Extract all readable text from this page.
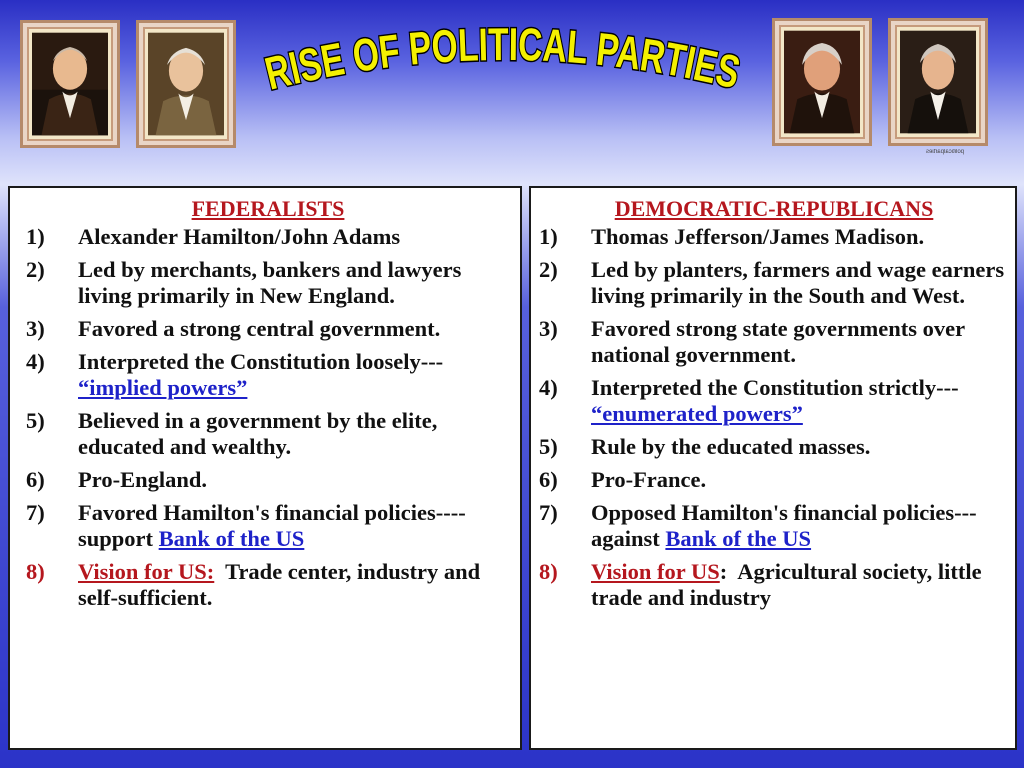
politicalparties
RISE OF POLITICAL PARTIES
FEDERALISTS
1) Alexander Hamilton/John Adams
2) Led by merchants, bankers and lawyers living primarily in New England.
3) Favored a strong central government.
4) Interpreted the Constitution loosely--- “implied powers”
5) Believed in a government by the elite, educated and wealthy.
6) Pro-England.
7) Favored Hamilton's financial policies----support Bank of the US
8) Vision for US:  Trade center, industry and self-sufficient.
DEMOCRATIC-REPUBLICANS
1) Thomas Jefferson/James Madison.
2) Led by planters, farmers and wage earners living primarily in the South and West.
3) Favored strong state governments over national government.
4) Interpreted the Constitution strictly--- “enumerated powers”
5) Rule by the educated masses.
6) Pro-France.
7) Opposed Hamilton's financial policies---against Bank of the US
8) Vision for US:  Agricultural society, little trade and industry
